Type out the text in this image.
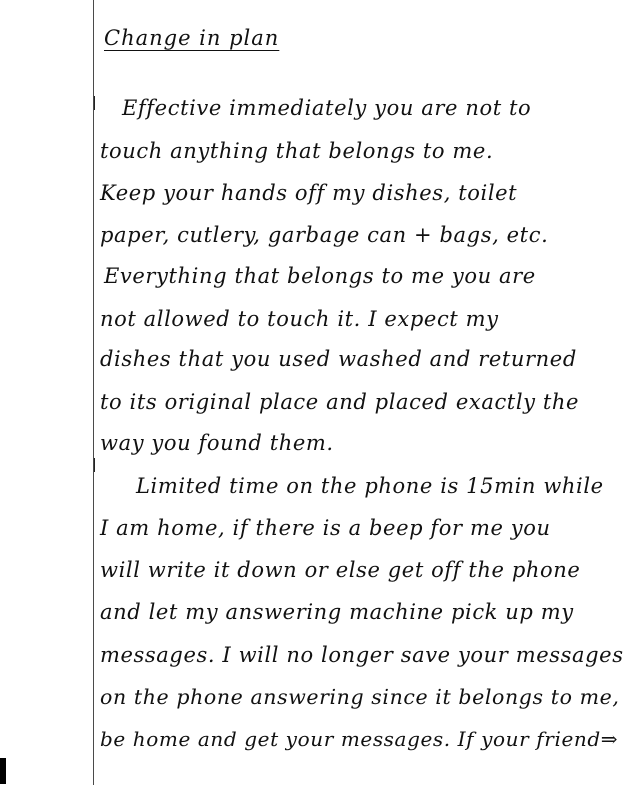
Change in plan
Effective immediately you are not to
touch anything that belongs to me.
Keep your hands off my dishes, toilet
paper, cutlery, garbage can + bags, etc.
Everything that belongs to me you are
not allowed to touch it. I expect my
dishes that you used washed and returned
to its original place and placed exactly the
way you found them.
Limited time on the phone is 15min while
I am home, if there is a beep for me you
will write it down or else get off the phone
and let my answering machine pick up my
messages. I will no longer save your messages
on the phone answering since it belongs to me,
be home and get your messages. If your friend⇒
